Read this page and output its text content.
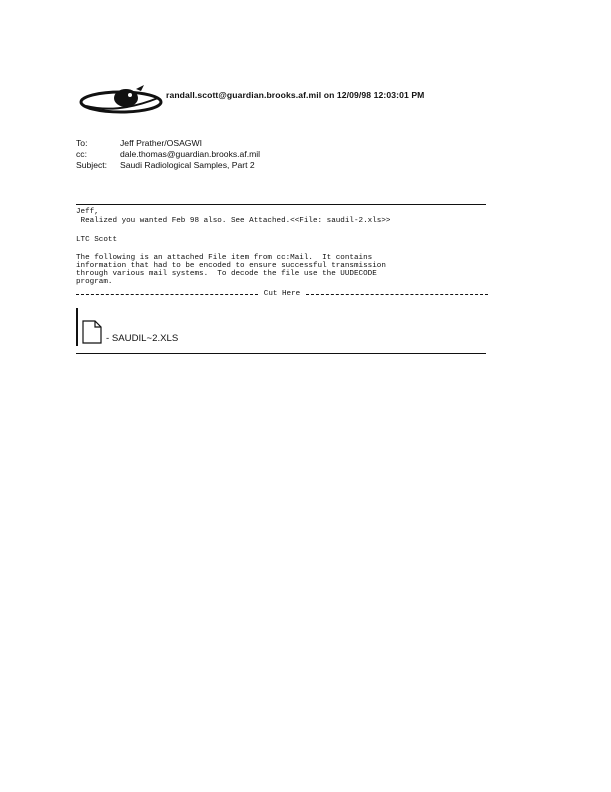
randall.scott@guardian.brooks.af.mil on 12/09/98 12:03:01 PM
To:	Jeff Prather/OSAGWI
cc:	dale.thomas@guardian.brooks.af.mil
Subject: Saudi Radiological Samples, Part 2
Jeff,
Realized you wanted Feb 98 also. See Attached.<<File: saudil-2.xls>>
LTC Scott
The following is an attached File item from cc:Mail.  It contains
information that had to be encoded to ensure successful transmission
through various mail systems.  To decode the file use the UUDECODE
program.
Cut Here
- SAUDIL~2.XLS
